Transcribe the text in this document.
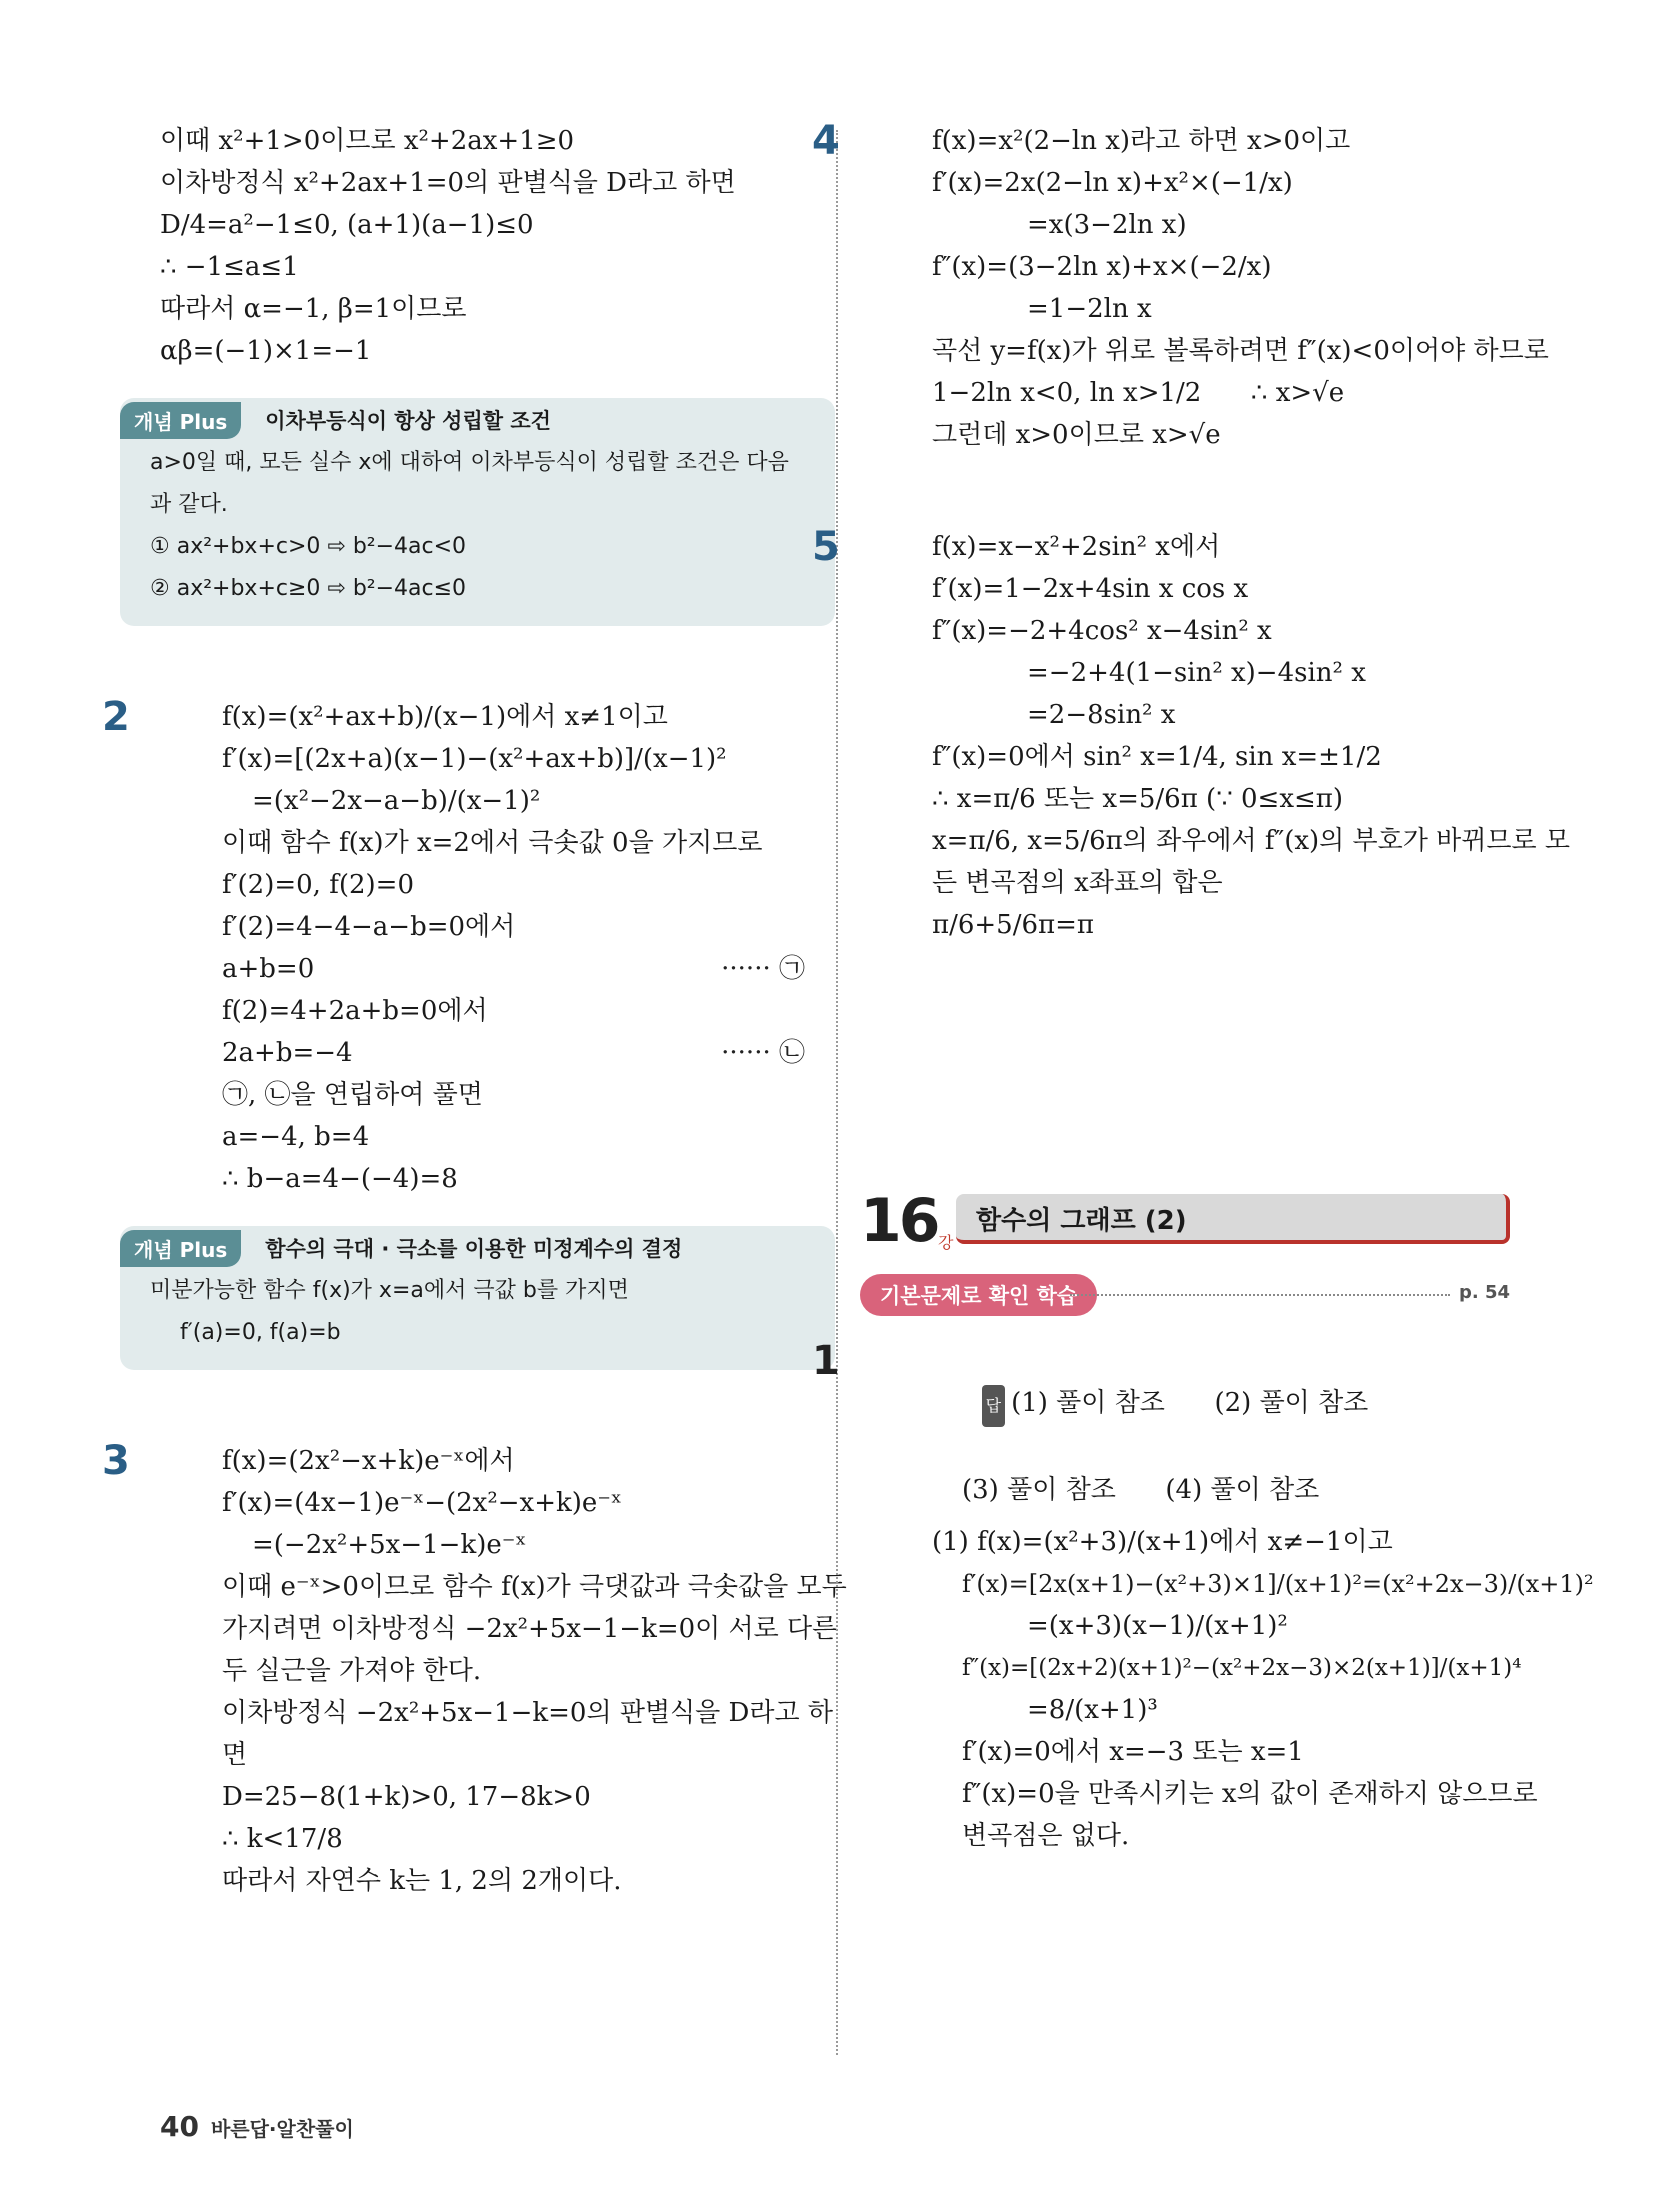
이때 x²+1>0이므로 x²+2ax+1≥0
이차방정식 x²+2ax+1=0의 판별식을 D라고 하면
D/4=a²−1≤0, (a+1)(a−1)≤0
∴ −1≤a≤1
따라서 α=−1, β=1이므로
αβ=(−1)×1=−1
개념 Plus	이차부등식이 항상 성립할 조건
a>0일 때, 모든 실수 x에 대하여 이차부등식이 성립할 조건은 다음 과 같다.
① ax²+bx+c>0 ⇨ b²−4ac<0
② ax²+bx+c≥0 ⇨ b²−4ac≤0
2	f(x)=(x²+ax+b)/(x−1)에서 x≠1이고
f′(x)=[(2x+a)(x−1)−(x²+ax+b)]/(x−1)²
=(x²−2x−a−b)/(x−1)²
이때 함수 f(x)가 x=2에서 극솟값 0을 가지므로
f′(2)=0, f(2)=0
f′(2)=4−4−a−b=0에서
a+b=0	······ ㉠
f(2)=4+2a+b=0에서
2a+b=−4	······ ㉡
㉠, ㉡을 연립하여 풀면
a=−4, b=4
∴ b−a=4−(−4)=8
개념 Plus	함수의 극대 · 극소를 이용한 미정계수의 결정
미분가능한 함수 f(x)가 x=a에서 극값 b를 가지면
f′(a)=0, f(a)=b
3	f(x)=(2x²−x+k)e⁻ˣ에서
f′(x)=(4x−1)e⁻ˣ−(2x²−x+k)e⁻ˣ
=(−2x²+5x−1−k)e⁻ˣ
이때 e⁻ˣ>0이므로 함수 f(x)가 극댓값과 극솟값을 모두
가지려면 이차방정식 −2x²+5x−1−k=0이 서로 다른
두 실근을 가져야 한다.
이차방정식 −2x²+5x−1−k=0의 판별식을 D라고 하
면
D=25−8(1+k)>0, 17−8k>0
∴ k<17/8
따라서 자연수 k는 1, 2의 2개이다.
4	f(x)=x²(2−ln x)라고 하면 x>0이고
f′(x)=2x(2−ln x)+x²×(−1/x)
=x(3−2ln x)
f″(x)=(3−2ln x)+x×(−2/x)
=1−2ln x
곡선 y=f(x)가 위로 볼록하려면 f″(x)<0이어야 하므로
1−2ln x<0, ln x>1/2      ∴ x>√e
그런데 x>0이므로 x>√e
5	f(x)=x−x²+2sin² x에서
f′(x)=1−2x+4sin x cos x
f″(x)=−2+4cos² x−4sin² x
=−2+4(1−sin² x)−4sin² x
=2−8sin² x
f″(x)=0에서 sin² x=1/4, sin x=±1/2
∴ x=π/6 또는 x=5/6π (∵ 0≤x≤π)
x=π/6, x=5/6π의 좌우에서 f″(x)의 부호가 바뀌므로 모
든 변곡점의 x좌표의 합은
π/6+5/6π=π
16 강
함수의 그래프 (2)
기본문제로 확인 학습	p. 54
1

답 (1) 풀이 참조      (2) 풀이 참조

(3) 풀이 참조      (4) 풀이 참조
(1) f(x)=(x²+3)/(x+1)에서 x≠−1이고
f′(x)=[2x(x+1)−(x²+3)×1]/(x+1)²=(x²+2x−3)/(x+1)²
=(x+3)(x−1)/(x+1)²
f″(x)=[(2x+2)(x+1)²−(x²+2x−3)×2(x+1)]/(x+1)⁴
=8/(x+1)³
f′(x)=0에서 x=−3 또는 x=1
f″(x)=0을 만족시키는 x의 값이 존재하지 않으므로
변곡점은 없다.
40 바른답·알찬풀이
